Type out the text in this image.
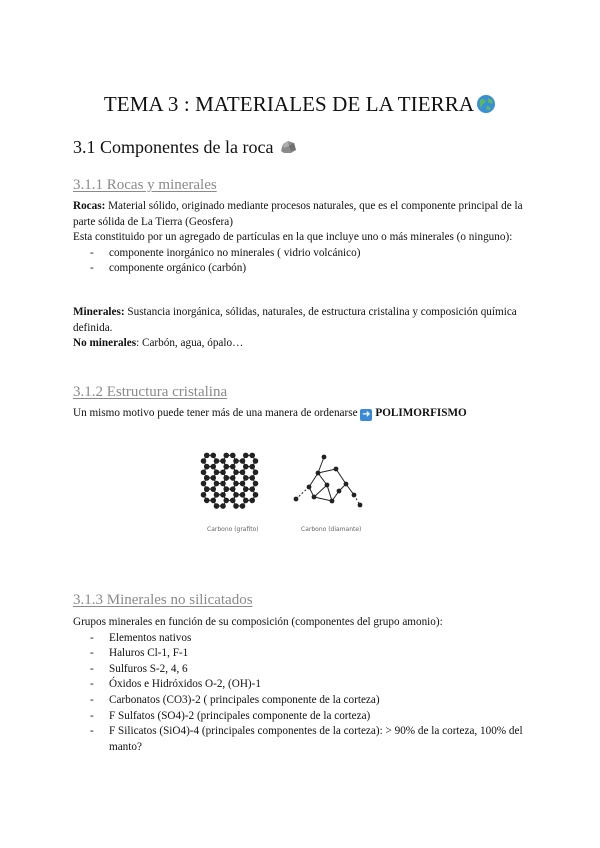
TEMA 3 : MATERIALES DE LA TIERRA
3.1 Componentes de la roca
3.1.1 Rocas y minerales

Rocas: Material sólido, originado mediante procesos naturales, que es el componente principal de la parte sólida de La Tierra (Geosfera)

Esta constituido por un agregado de partículas en la que incluye uno o más minerales (o ninguno):

- componente inorgánico no minerales ( vidrio volcánico)
- componente orgánico (carbón)

Minerales: Sustancia inorgánica, sólidas, naturales, de estructura cristalina y composición química definida.

No minerales: Carbón, agua, ópalo…

3.1.2 Estructura cristalina
Un mismo motivo puede tener más de una manera de ordenarse ➜ POLIMORFISMO
Carbono (grafito)	Carbono (diamante)
3.1.3 Minerales no silicatados

Grupos minerales en función de su composición (componentes del grupo amonio):

- Elementos nativos
- Haluros Cl-1, F-1
- Sulfuros S-2, 4, 6
- Óxidos e Hidróxidos O-2, (OH)-1
- Carbonatos (CO3)-2 ( principales componente de la corteza)
- F Sulfatos (SO4)-2 (principales componente de la corteza)
- F Silicatos (SiO4)-4 (principales componentes de la corteza): > 90% de la corteza, 100% del manto?
